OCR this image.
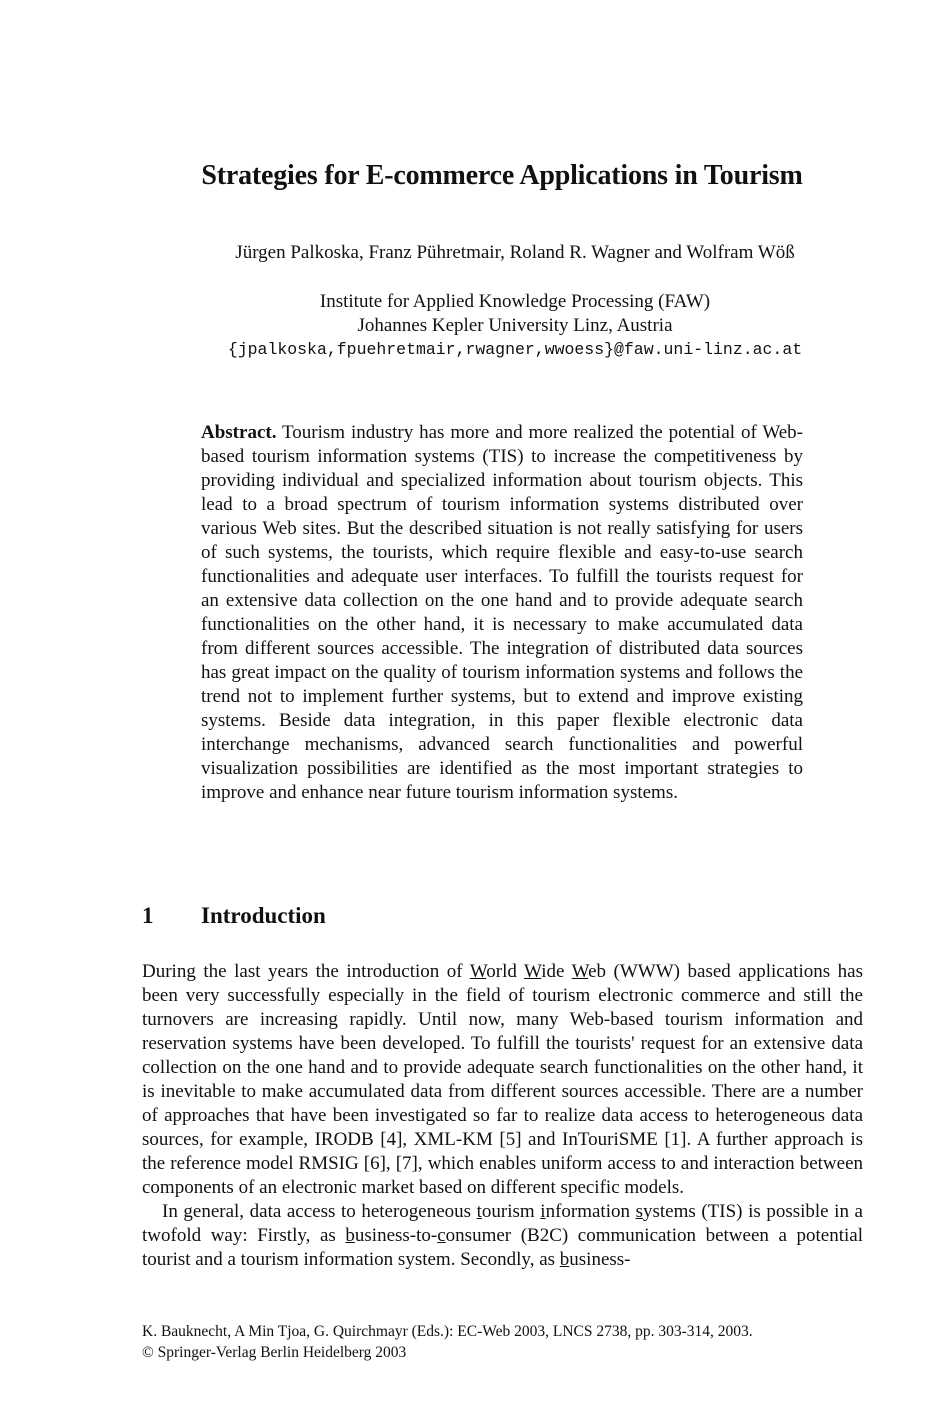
Strategies for E-commerce Applications in Tourism
Jürgen Palkoska, Franz Pühretmair, Roland R. Wagner and Wolfram Wöß
Institute for Applied Knowledge Processing (FAW)
Johannes Kepler University Linz, Austria
{jpalkoska,fpuehretmair,rwagner,wwoess}@faw.uni-linz.ac.at
Abstract. Tourism industry has more and more realized the potential of Web-based tourism information systems (TIS) to increase the competitiveness by providing individual and specialized information about tourism objects. This lead to a broad spectrum of tourism information systems distributed over various Web sites. But the described situation is not really satisfying for users of such systems, the tourists, which require flexible and easy-to-use search functionalities and adequate user interfaces. To fulfill the tourists request for an extensive data collection on the one hand and to provide adequate search functionalities on the other hand, it is necessary to make accumulated data from different sources accessible. The integration of distributed data sources has great impact on the quality of tourism information systems and follows the trend not to implement further systems, but to extend and improve existing systems. Beside data integration, in this paper flexible electronic data interchange mechanisms, advanced search functionalities and powerful visualization possibilities are identified as the most important strategies to improve and enhance near future tourism information systems.
1 Introduction

During the last years the introduction of World Wide Web (WWW) based applications has been very successfully especially in the field of tourism electronic commerce and still the turnovers are increasing rapidly. Until now, many Web-based tourism information and reservation systems have been developed. To fulfill the tourists' request for an extensive data collection on the one hand and to provide adequate search functionalities on the other hand, it is inevitable to make accumulated data from different sources accessible. There are a number of approaches that have been investigated so far to realize data access to heterogeneous data sources, for example, IRODB [4], XML-KM [5] and InTouriSME [1]. A further approach is the reference model RMSIG [6], [7], which enables uniform access to and interaction between components of an electronic market based on different specific models.

In general, data access to heterogeneous tourism information systems (TIS) is possible in a twofold way: Firstly, as business-to-consumer (B2C) communication between a potential tourist and a tourism information system. Secondly, as business-

K. Bauknecht, A Min Tjoa, G. Quirchmayr (Eds.): EC-Web 2003, LNCS 2738, pp. 303-314, 2003.
© Springer-Verlag Berlin Heidelberg 2003
